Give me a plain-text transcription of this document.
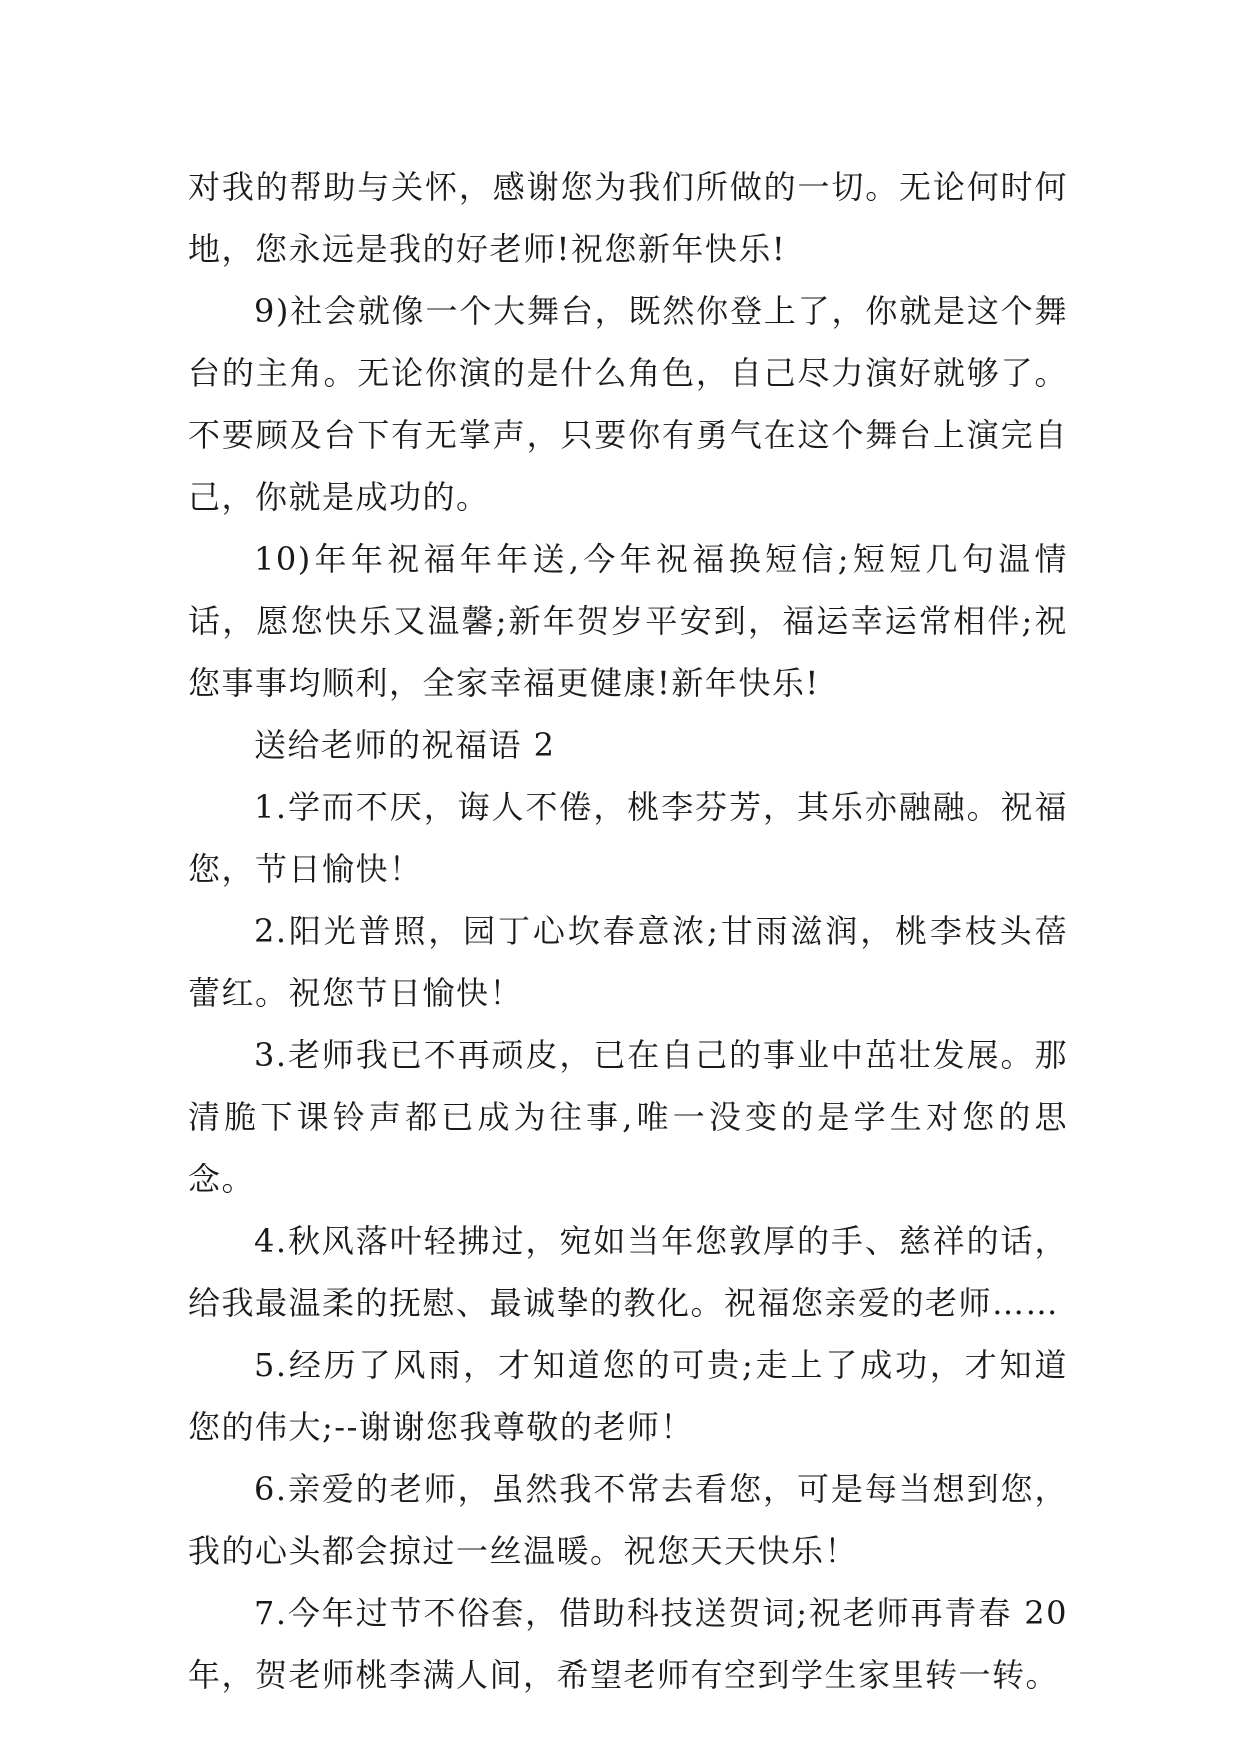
对我的帮助与关怀，感谢您为我们所做的一切。无论何时何地，您永远是我的好老师!祝您新年快乐!

9)社会就像一个大舞台，既然你登上了，你就是这个舞台的主角。无论你演的是什么角色，自己尽力演好就够了。不要顾及台下有无掌声，只要你有勇气在这个舞台上演完自己，你就是成功的。

10)年年祝福年年送,今年祝福换短信;短短几句温情话，愿您快乐又温馨;新年贺岁平安到，福运幸运常相伴;祝您事事均顺利，全家幸福更健康!新年快乐!

送给老师的祝福语 2

1.学而不厌，诲人不倦，桃李芬芳，其乐亦融融。祝福您，节日愉快！

2.阳光普照，园丁心坎春意浓;甘雨滋润，桃李枝头蓓蕾红。祝您节日愉快！

3.老师我已不再顽皮，已在自己的事业中茁壮发展。那清脆下课铃声都已成为往事,唯一没变的是学生对您的思念。

4.秋风落叶轻拂过，宛如当年您敦厚的手、慈祥的话，给我最温柔的抚慰、最诚挚的教化。祝福您亲爱的老师……

5.经历了风雨，才知道您的可贵;走上了成功，才知道您的伟大;--谢谢您我尊敬的老师！

6.亲爱的老师，虽然我不常去看您，可是每当想到您，我的心头都会掠过一丝温暖。祝您天天快乐！

7.今年过节不俗套，借助科技送贺词;祝老师再青春 20 年，贺老师桃李满人间，希望老师有空到学生家里转一转。
